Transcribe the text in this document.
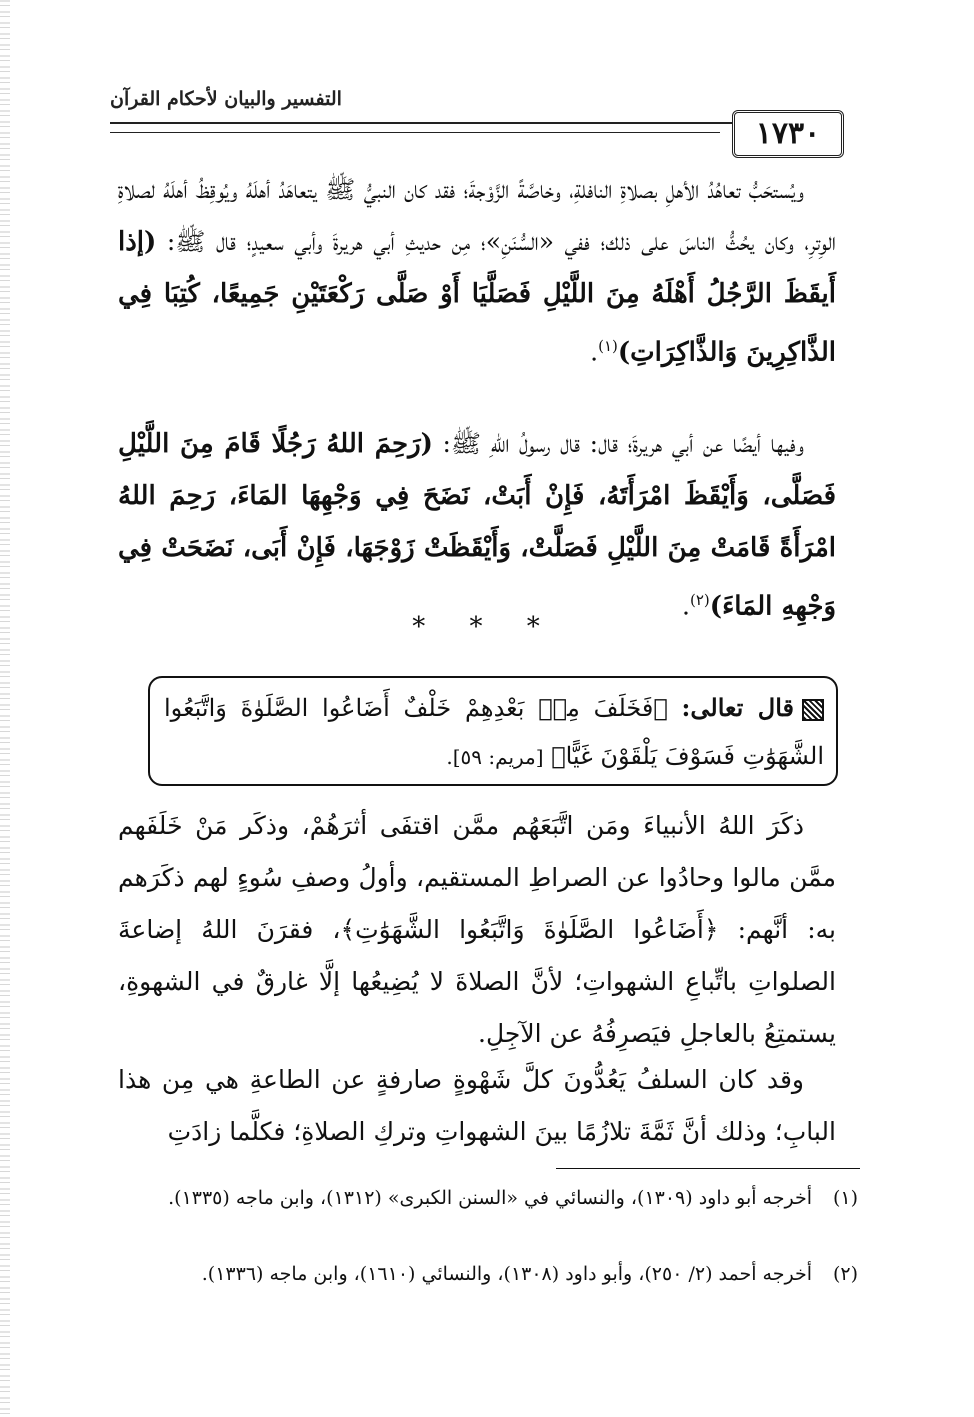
التفسير والبيان لأحكام القرآن
١٧٣٠
ويُستحَبُّ تعاهُدُ الأهلِ بصلاةِ النافلةِ، وخاصَّةً الزَّوْجةَ؛ فقد كان النبيُّ ﷺ يتعاهَدُ أهلَهُ ويُوقِظُ أهلَهُ لصلاةِ الوِترِ، وكان يحُثُّ الناسَ على ذلك؛ ففي «السُّنَنِ»؛ مِن حديثِ أبي هريرةَ وأبي سعيدٍ؛ قال ﷺ: (إذا أَيقَظَ الرَّجُلُ أَهْلَهُ مِنَ اللَّيْلِ فَصَلَّيَا أَوْ صَلَّى رَكْعَتَيْنِ جَمِيعًا، كُتِبَا فِي الذَّاكِرِينَ وَالذَّاكِرَاتِ)$^{(١)}$.
وفيها أيضًا عن أبي هريرةَ؛ قال: قال رسولُ اللهِ ﷺ: (رَحِمَ اللهُ رَجُلًا قَامَ مِنَ اللَّيْلِ فَصَلَّى، وَأَيْقَظَ امْرَأَتَهُ، فَإِنْ أَبَتْ، نَضَحَ فِي وَجْهِهَا المَاءَ، رَحِمَ اللهُ امْرَأَةً قَامَتْ مِنَ اللَّيْلِ فَصَلَّتْ، وَأَيْقَظَتْ زَوْجَهَا، فَإِنْ أَبَى، نَضَحَتْ فِي وَجْهِهِ المَاءَ)$^{(٢)}$.
* * *
قال تعالى: ﴿فَخَلَفَ مِنۢ بَعْدِهِمْ خَلْفٌ أَضَاعُوا الصَّلَوٰةَ وَاتَّبَعُوا الشَّهَوَٰتِ فَسَوْفَ يَلْقَوْنَ غَيًّا﴾ [مريم: ٥٩].
ذكَرَ اللهُ الأنبياءَ ومَن اتَّبَعَهُم ممَّن اقتفَى أثرَهُمْ، وذكَر مَنْ خَلَفَهم ممَّن مالوا وحادُوا عن الصراطِ المستقيم، وأولُ وصفِ سُوءٍ لهم ذكَرَهم به: أنَّهم: ﴿أَضَاعُوا الصَّلَوٰةَ وَاتَّبَعُوا الشَّهَوَٰتِ﴾، فقرَنَ اللهُ إضاعةَ الصلواتِ باتِّباعِ الشهواتِ؛ لأنَّ الصلاةَ لا يُضِيعُها إلَّا غارقٌ في الشهوةِ، يستمتِعُ بالعاجلِ فيَصرِفُهُ عن الآجِلِ.
وقد كان السلفُ يَعُدُّونَ كلَّ شَهْوةٍ صارفةٍ عن الطاعةِ هي مِن هذا البابِ؛ وذلك أنَّ ثَمَّةَ تلازُمًا بينَ الشهواتِ وتركِ الصلاةِ؛ فكلَّما زادَتِ
(١)أخرجه أبو داود (١٣٠٩)، والنسائي في «السنن الكبرى» (١٣١٢)، وابن ماجه (١٣٣٥).
(٢)أخرجه أحمد (٢/ ٢٥٠)، وأبو داود (١٣٠٨)، والنسائي (١٦١٠)، وابن ماجه (١٣٣٦).
